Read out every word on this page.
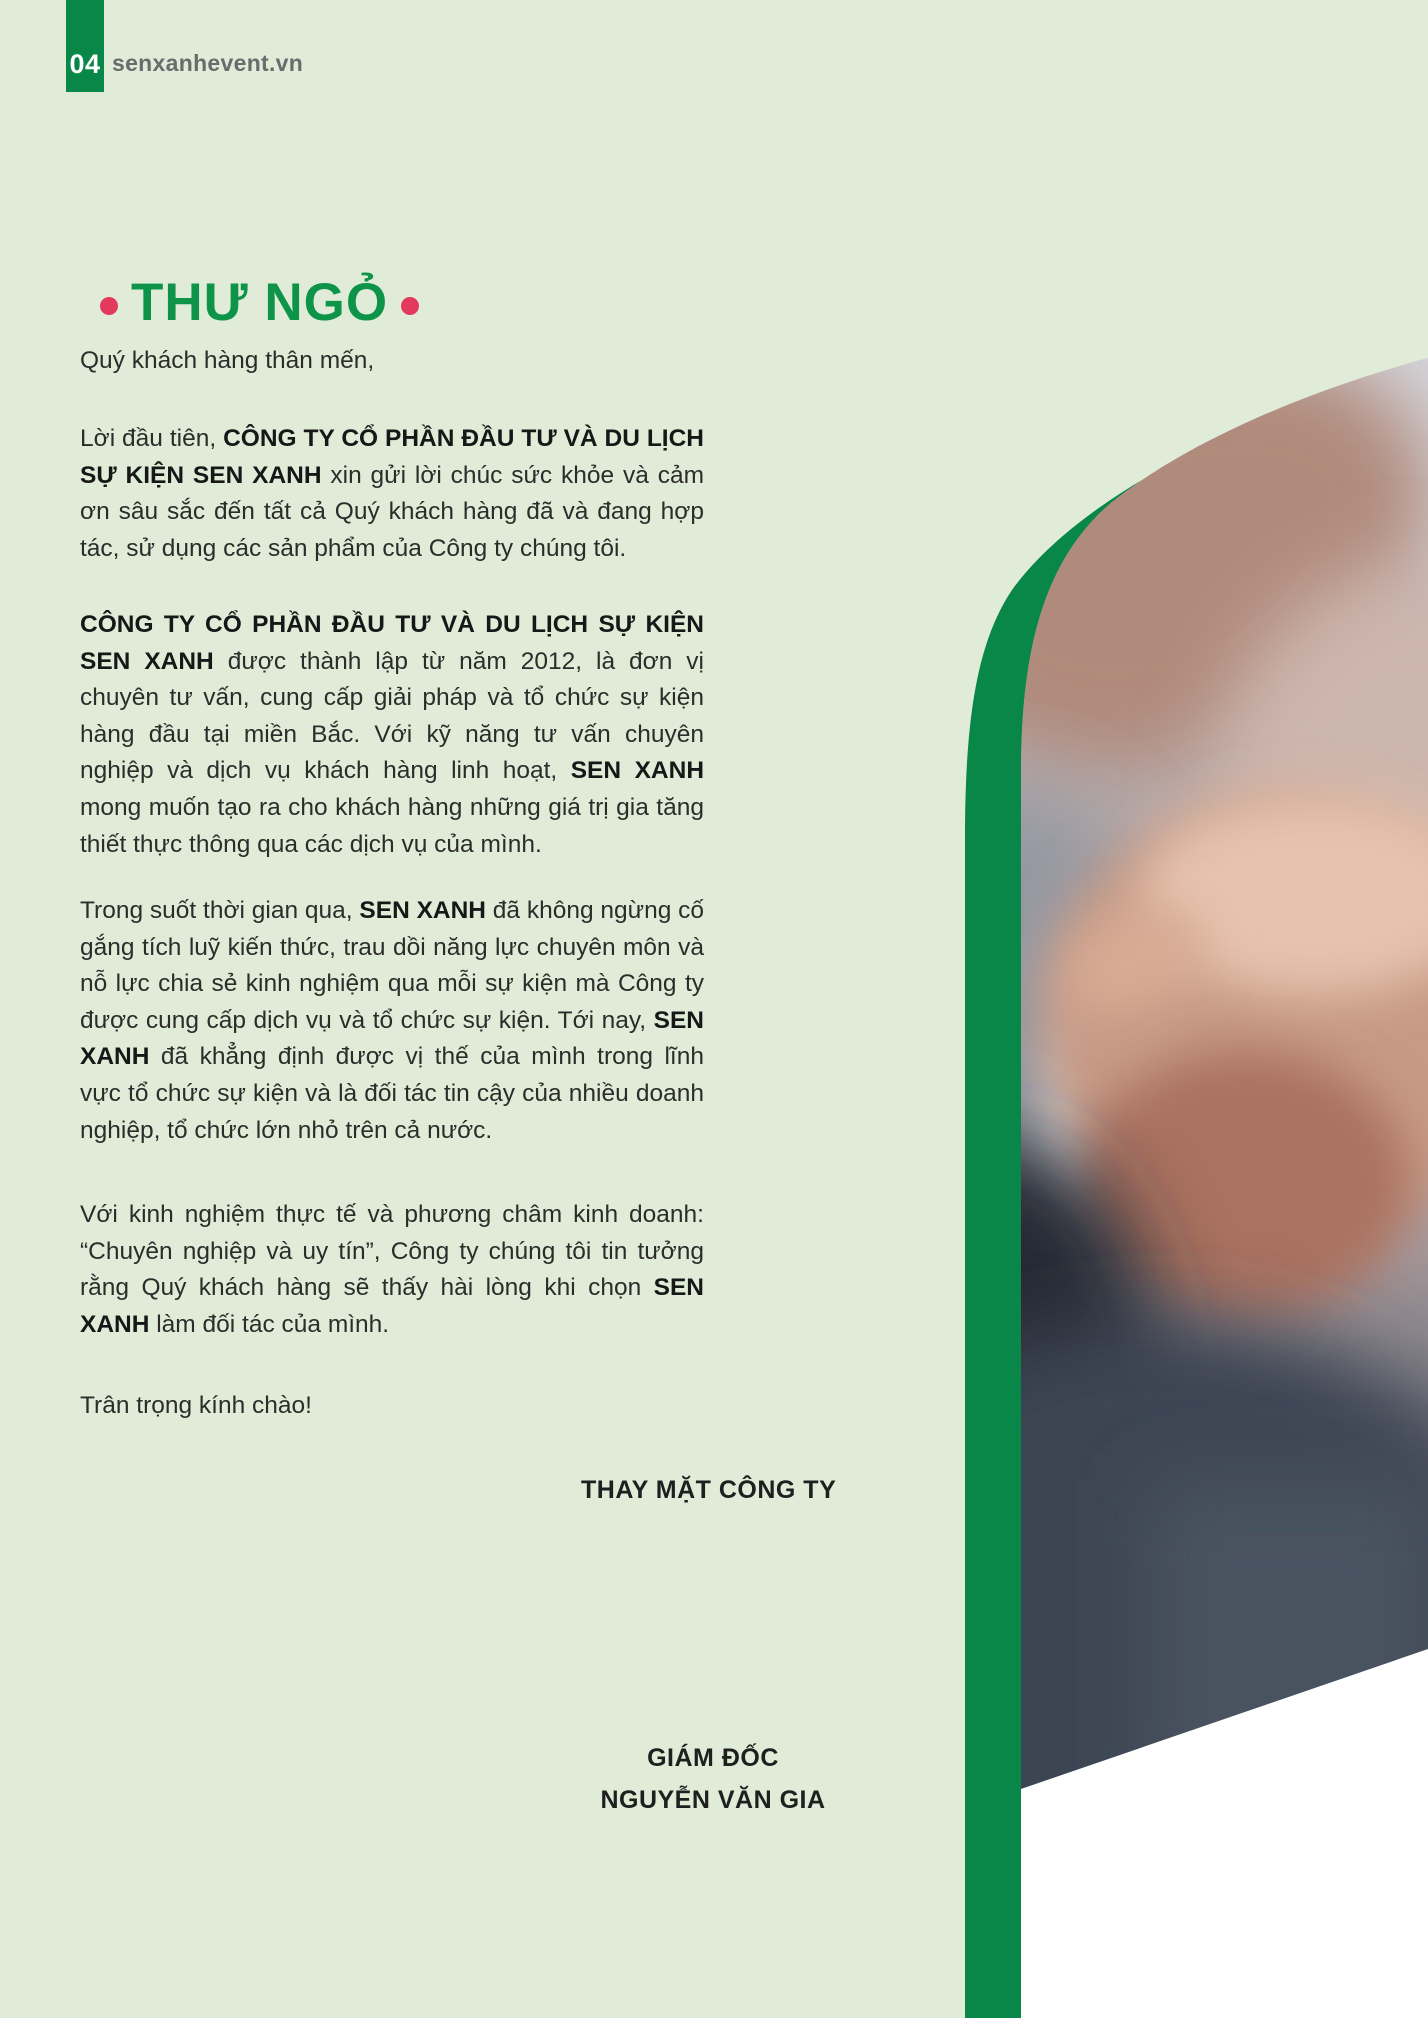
04 senxanhevent.vn
THƯ NGỎ
Quý khách hàng thân mến,
Lời đầu tiên, CÔNG TY CỔ PHẦN ĐẦU TƯ VÀ DU LỊCH SỰ KIỆN SEN XANH xin gửi lời chúc sức khỏe và cảm ơn sâu sắc đến tất cả Quý khách hàng đã và đang hợp tác, sử dụng các sản phẩm của Công ty chúng tôi.
CÔNG TY CỔ PHẦN ĐẦU TƯ VÀ DU LỊCH SỰ KIỆN SEN XANH được thành lập từ năm 2012, là đơn vị chuyên tư vấn, cung cấp giải pháp và tổ chức sự kiện hàng đầu tại miền Bắc. Với kỹ năng tư vấn chuyên nghiệp và dịch vụ khách hàng linh hoạt, SEN XANH mong muốn tạo ra cho khách hàng những giá trị gia tăng thiết thực thông qua các dịch vụ của mình.
Trong suốt thời gian qua, SEN XANH đã không ngừng cố gắng tích luỹ kiến thức, trau dồi năng lực chuyên môn và nỗ lực chia sẻ kinh nghiệm qua mỗi sự kiện mà Công ty được cung cấp dịch vụ và tổ chức sự kiện. Tới nay, SEN XANH đã khẳng định được vị thế của mình trong lĩnh vực tổ chức sự kiện và là đối tác tin cậy của nhiều doanh nghiệp, tổ chức lớn nhỏ trên cả nước.
Với kinh nghiệm thực tế và phương châm kinh doanh: “Chuyên nghiệp và uy tín”, Công ty chúng tôi tin tưởng rằng Quý khách hàng sẽ thấy hài lòng khi chọn SEN XANH làm đối tác của mình.
Trân trọng kính chào!
THAY MẶT CÔNG TY
GIÁM ĐỐC
NGUYỄN VĂN GIA
